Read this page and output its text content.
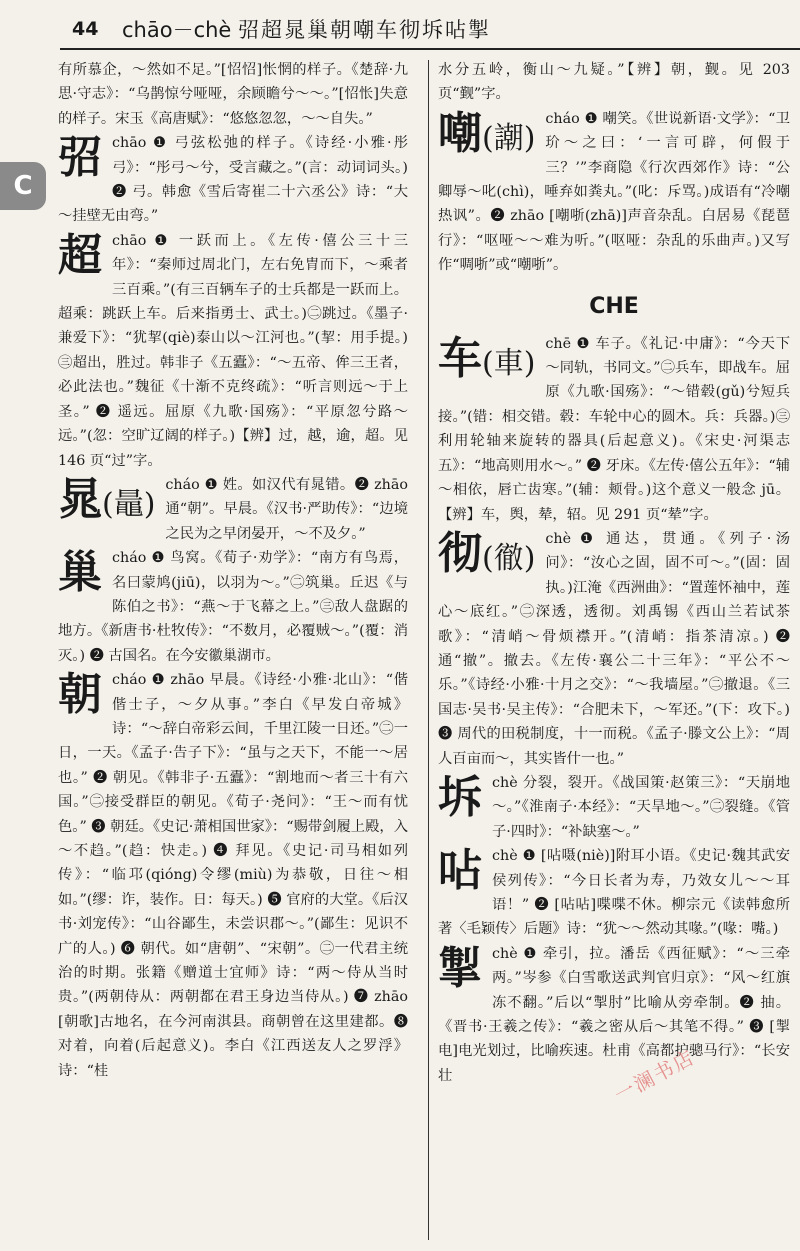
44 chāo－chè 弨超晁巢朝嘲车彻坼呫掣
C

有所慕企，～然如不足。”[怊怊]怅惘的样子。《楚辞·九思·守志》：“乌鹊惊兮哑哑，余顾瞻兮～～。”[怊怅]失意的样子。宋玉《高唐赋》：“悠悠忽忽，～～自失。”

弨chāo ❶ 弓弦松弛的样子。《诗经·小雅·彤弓》：“彤弓～兮，受言藏之。”(言：动词词头。) ❷ 弓。韩愈《雪后寄崔二十六丞公》诗：“大～挂壁无由弯。”
超chāo ❶ 一跃而上。《左传·僖公三十三年》：“秦师过周北门，左右免胄而下，～乘者三百乘。”(有三百辆车子的士兵都是一跃而上。超乘：跳跃上车。后来指勇士、武士。)㊁跳过。《墨子·兼爱下》：“犹挈(qiè)泰山以～江河也。”(挈：用手提。)㊂超出，胜过。韩非子《五蠹》：“～五帝、侔三王者，必此法也。”魏征《十渐不克终疏》：“听言则远～于上圣。” ❷ 遥远。屈原《九歌·国殇》：“平原忽兮路～远。”(忽：空旷辽阔的样子。)【辨】过，越，逾，超。见 146 页“过”字。
晁(鼂)
cháo ❶ 姓。如汉代有晁错。❷ zhāo 通“朝”。早晨。《汉书·严助传》：“边境之民为之早闭晏开，～不及夕。”
巢cháo ❶ 鸟窝。《荀子·劝学》：“南方有鸟焉，名曰蒙鸠(jiū)，以羽为～。”㊁筑巢。丘迟《与陈伯之书》：“燕～于飞幕之上。”㊂敌人盘踞的地方。《新唐书·杜牧传》：“不数月，必覆贼～。”(覆：消灭。) ❷ 古国名。在今安徽巢湖市。
朝cháo ❶ zhāo 早晨。《诗经·小雅·北山》：“偕偕士子，～夕从事。”李白《早发白帝城》诗：“～辞白帝彩云间，千里江陵一日还。”㊁一日，一天。《孟子·告子下》：“虽与之天下，不能一～居也。” ❷ 朝见。《韩非子·五蠹》：“割地而～者三十有六国。”㊁接受群臣的朝见。《荀子·尧问》：“王～而有忧色。” ❸ 朝廷。《史记·萧相国世家》：“赐带剑履上殿，入～不趋。”(趋：快走。) ❹ 拜见。《史记·司马相如列传》：“临邛(qióng)令缪(miù)为恭敬，日往～相如。”(缪：诈，装作。日：每天。) ❺ 官府的大堂。《后汉书·刘宠传》：“山谷鄙生，未尝识郡～。”(鄙生：见识不广的人。) ❻ 朝代。如“唐朝”、“宋朝”。㊁一代君主统治的时期。张籍《赠道士宜师》诗：“两～侍从当时贵。”(两朝侍从：两朝都在君王身边当侍从。) ❼ zhāo [朝歌]古地名，在今河南淇县。商朝曾在这里建都。❽ 对着，向着(后起意义)。李白《江西送友人之罗浮》诗：“桂

水分五岭，衡山～九疑。”【辨】朝，觐。见 203 页“觐”字。

嘲(謿)
cháo ❶ 嘲笑。《世说新语·文学》：“卫玠～之曰：‘一言可辟，何假于三？’”李商隐《行次西郊作》诗：“公卿辱～叱(chì)，唾弃如粪丸。”(叱：斥骂。)成语有“冷嘲热讽”。❷ zhāo [嘲哳(zhā)]声音杂乱。白居易《琵琶行》：“呕哑～～难为听。”(呕哑：杂乱的乐曲声。)又写作“啁哳”或“嘲哳”。
CHE
车(車)
chē ❶ 车子。《礼记·中庸》：“今天下～同轨，书同文。”㊁兵车，即战车。屈原《九歌·国殇》：“～错毂(gǔ)兮短兵接。”(错：相交错。毂：车轮中心的圆木。兵：兵器。)㊂利用轮轴来旋转的器具(后起意义)。《宋史·河渠志五》：“地高则用水～。” ❷ 牙床。《左传·僖公五年》：“辅～相依，唇亡齿寒。”(辅：颊骨。)这个意义一般念 jū。【辨】车，舆，辇，轺。见 291 页“辇”字。
彻(徹)
chè ❶ 通达，贯通。《列子·汤问》：“汝心之固，固不可～。”(固：固执。)江淹《西洲曲》：“置莲怀袖中，莲心～底红。”㊁深透，透彻。刘禹锡《西山兰若试茶歌》：“清峭～骨烦襟开。”(清峭：指茶清凉。) ❷ 通“撤”。撤去。《左传·襄公二十三年》：“平公不～乐。”《诗经·小雅·十月之交》：“～我墙屋。”㊁撤退。《三国志·吴书·吴主传》：“合肥未下，～军还。”(下：攻下。) ❸ 周代的田税制度，十一而税。《孟子·滕文公上》：“周人百亩而～，其实皆什一也。”
坼chè 分裂，裂开。《战国策·赵策三》：“天崩地～。”《淮南子·本经》：“天旱地～。”㊁裂缝。《管子·四时》：“补缺塞～。”
呫chè ❶ [呫嗫(niè)]附耳小语。《史记·魏其武安侯列传》：“今日长者为寿，乃效女儿～～耳语！” ❷ [呫呫]喋喋不休。柳宗元《读韩愈所著〈毛颖传〉后题》诗：“犹～～然动其喙。”(喙：嘴。)
掣chè ❶ 牵引，拉。潘岳《西征赋》：“～三牵两。”岑参《白雪歌送武判官归京》：“风～红旗冻不翻。”后以“掣肘”比喻从旁牵制。❷ 抽。《晋书·王羲之传》：“羲之密从后～其笔不得。” ❸ [掣电]电光划过，比喻疾速。杜甫《高都护骢马行》：“长安壮	一澜书店
